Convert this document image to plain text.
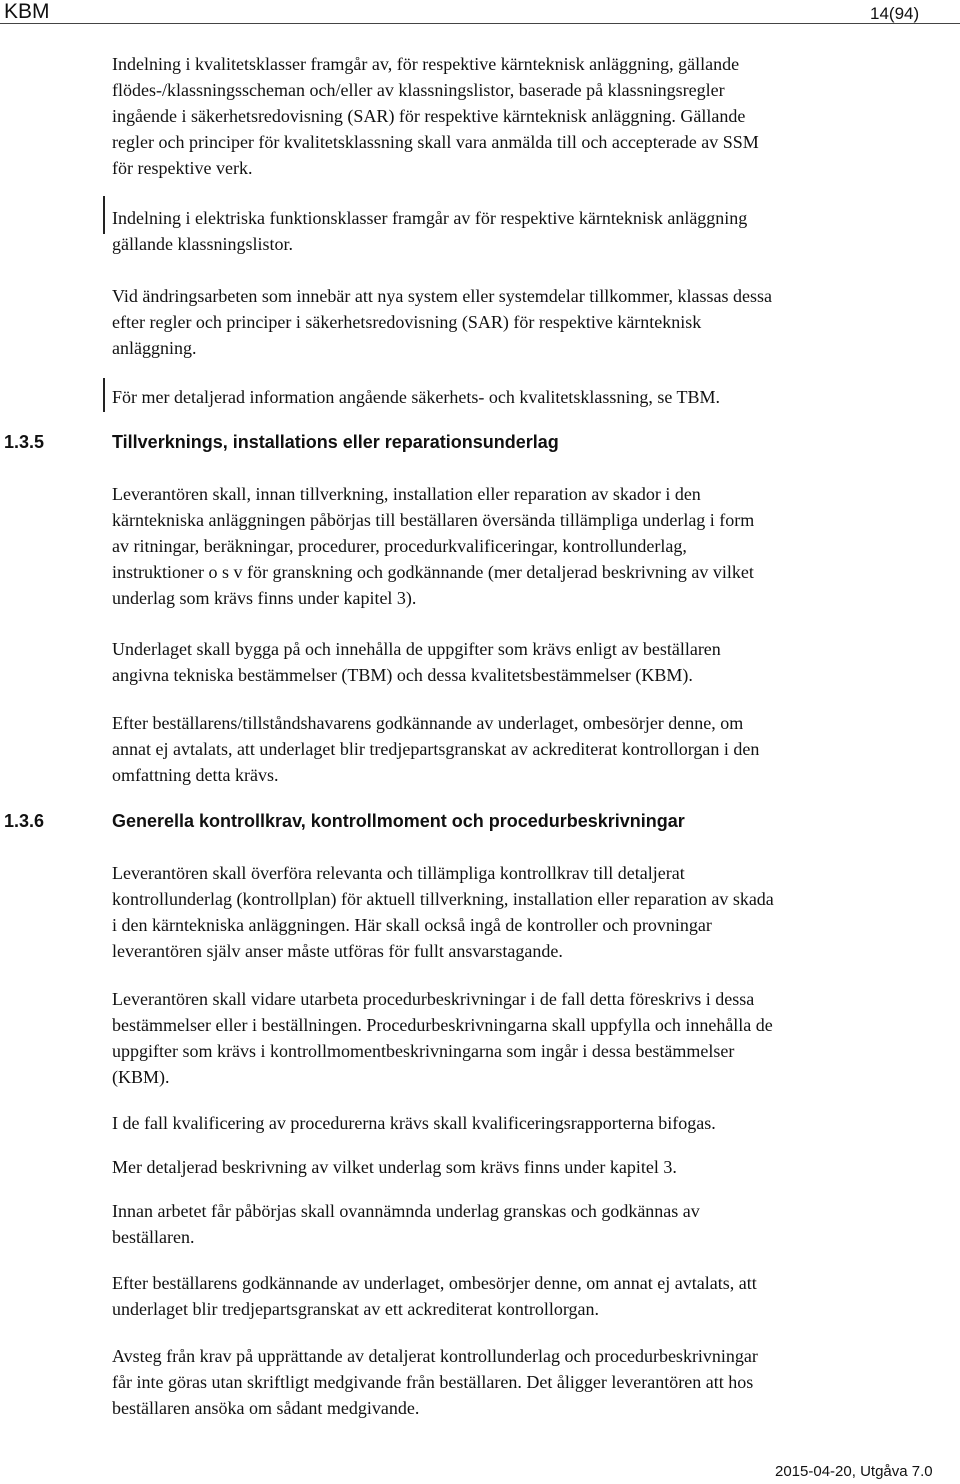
KBM	14(94)

Indelning i kvalitetsklasser framgår av, för respektive kärnteknisk anläggning, gällande
flödes-/klassningsscheman och/eller av klassningslistor, baserade på klassningsregler
ingående i säkerhetsredovisning (SAR) för respektive kärnteknisk anläggning. Gällande
regler och principer för kvalitetsklassning skall vara anmälda till och accepterade av SSM
för respektive verk.

Indelning i elektriska funktionsklasser framgår av för respektive kärnteknisk anläggning
gällande klassningslistor.

Vid ändringsarbeten som innebär att nya system eller systemdelar tillkommer, klassas dessa
efter regler och principer i säkerhetsredovisning (SAR) för respektive kärnteknisk
anläggning.

För mer detaljerad information angående säkerhets- och kvalitetsklassning, se TBM.

1.3.5	Tillverknings, installations eller reparationsunderlag

Leverantören skall, innan tillverkning, installation eller reparation av skador i den
kärntekniska anläggningen påbörjas till beställaren översända tillämpliga underlag i form
av ritningar, beräkningar, procedurer, procedurkvalificeringar, kontrollunderlag,
instruktioner o s v för granskning och godkännande (mer detaljerad beskrivning av vilket
underlag som krävs finns under kapitel 3).

Underlaget skall bygga på och innehålla de uppgifter som krävs enligt av beställaren
angivna tekniska bestämmelser (TBM) och dessa kvalitetsbestämmelser (KBM).

Efter beställarens/tillståndshavarens godkännande av underlaget, ombesörjer denne, om
annat ej avtalats, att underlaget blir tredjepartsgranskat av ackrediterat kontrollorgan i den
omfattning detta krävs.

1.3.6	Generella kontrollkrav, kontrollmoment och procedurbeskrivningar

Leverantören skall överföra relevanta och tillämpliga kontrollkrav till detaljerat
kontrollunderlag (kontrollplan) för aktuell tillverkning, installation eller reparation av skada
i den kärntekniska anläggningen. Här skall också ingå de kontroller och provningar
leverantören själv anser måste utföras för fullt ansvarstagande.

Leverantören skall vidare utarbeta procedurbeskrivningar i de fall detta föreskrivs i dessa
bestämmelser eller i beställningen. Procedurbeskrivningarna skall uppfylla och innehålla de
uppgifter som krävs i kontrollmomentbeskrivningarna som ingår i dessa bestämmelser
(KBM).

I de fall kvalificering av procedurerna krävs skall kvalificeringsrapporterna bifogas.

Mer detaljerad beskrivning av vilket underlag som krävs finns under kapitel 3.

Innan arbetet får påbörjas skall ovannämnda underlag granskas och godkännas av
beställaren.

Efter beställarens godkännande av underlaget, ombesörjer denne, om annat ej avtalats, att
underlaget blir tredjepartsgranskat av ett ackrediterat kontrollorgan.

Avsteg från krav på upprättande av detaljerat kontrollunderlag och procedurbeskrivningar
får inte göras utan skriftligt medgivande från beställaren. Det åligger leverantören att hos
beställaren ansöka om sådant medgivande.

2015-04-20, Utgåva 7.0
